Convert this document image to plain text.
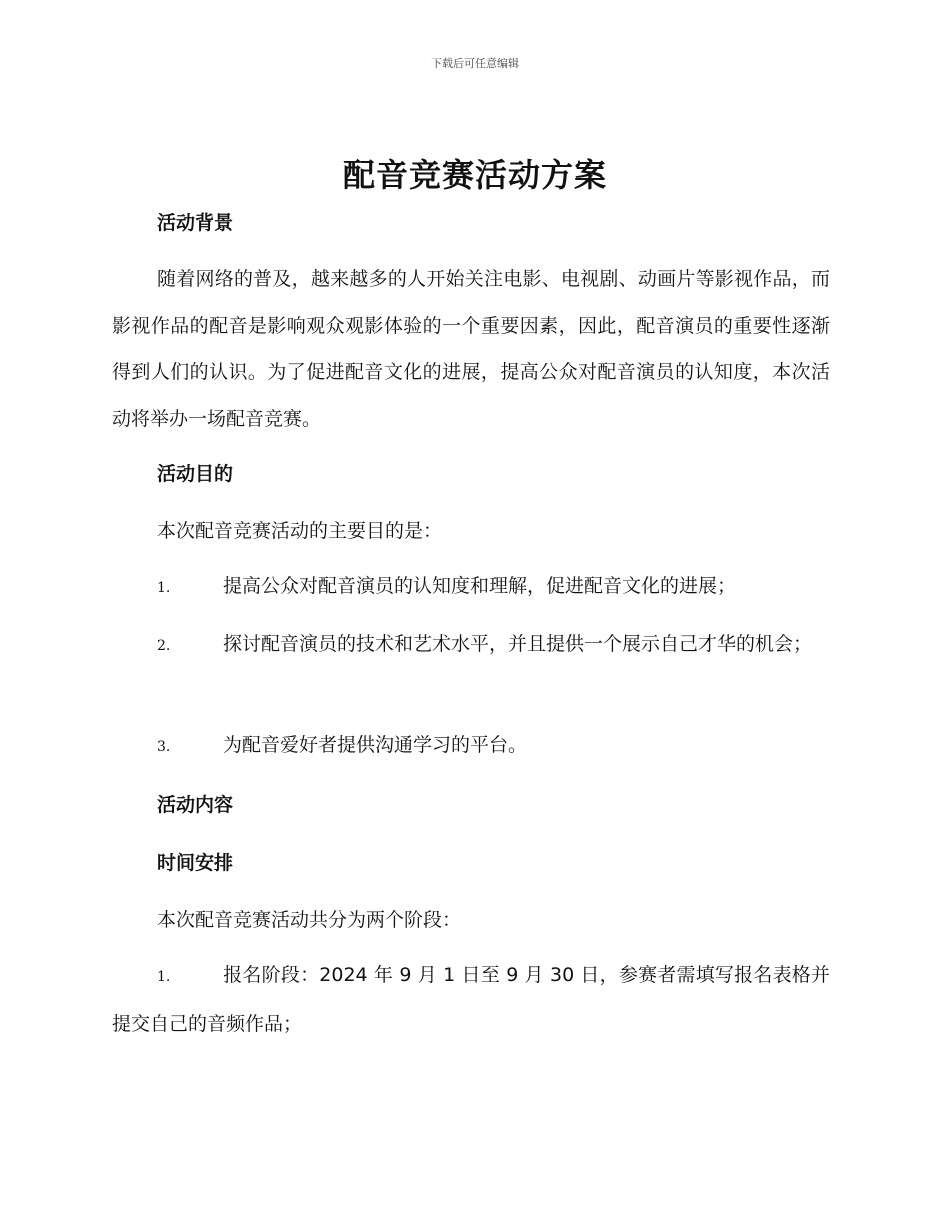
下载后可任意编辑
配音竞赛活动方案
活动背景
随着网络的普及，越来越多的人开始关注电影、电视剧、动画片等影视作品，而影视作品的配音是影响观众观影体验的一个重要因素，因此，配音演员的重要性逐渐得到人们的认识。为了促进配音文化的进展，提高公众对配音演员的认知度，本次活动将举办一场配音竞赛。
活动目的
本次配音竞赛活动的主要目的是：
1.	提高公众对配音演员的认知度和理解，促进配音文化的进展；
2.	探讨配音演员的技术和艺术水平，并且提供一个展示自己才华的机会；
3.	为配音爱好者提供沟通学习的平台。
活动内容
时间安排
本次配音竞赛活动共分为两个阶段：
1.	报名阶段：2024 年 9 月 1 日至 9 月 30 日，参赛者需填写报名表格并提交自己的音频作品；
